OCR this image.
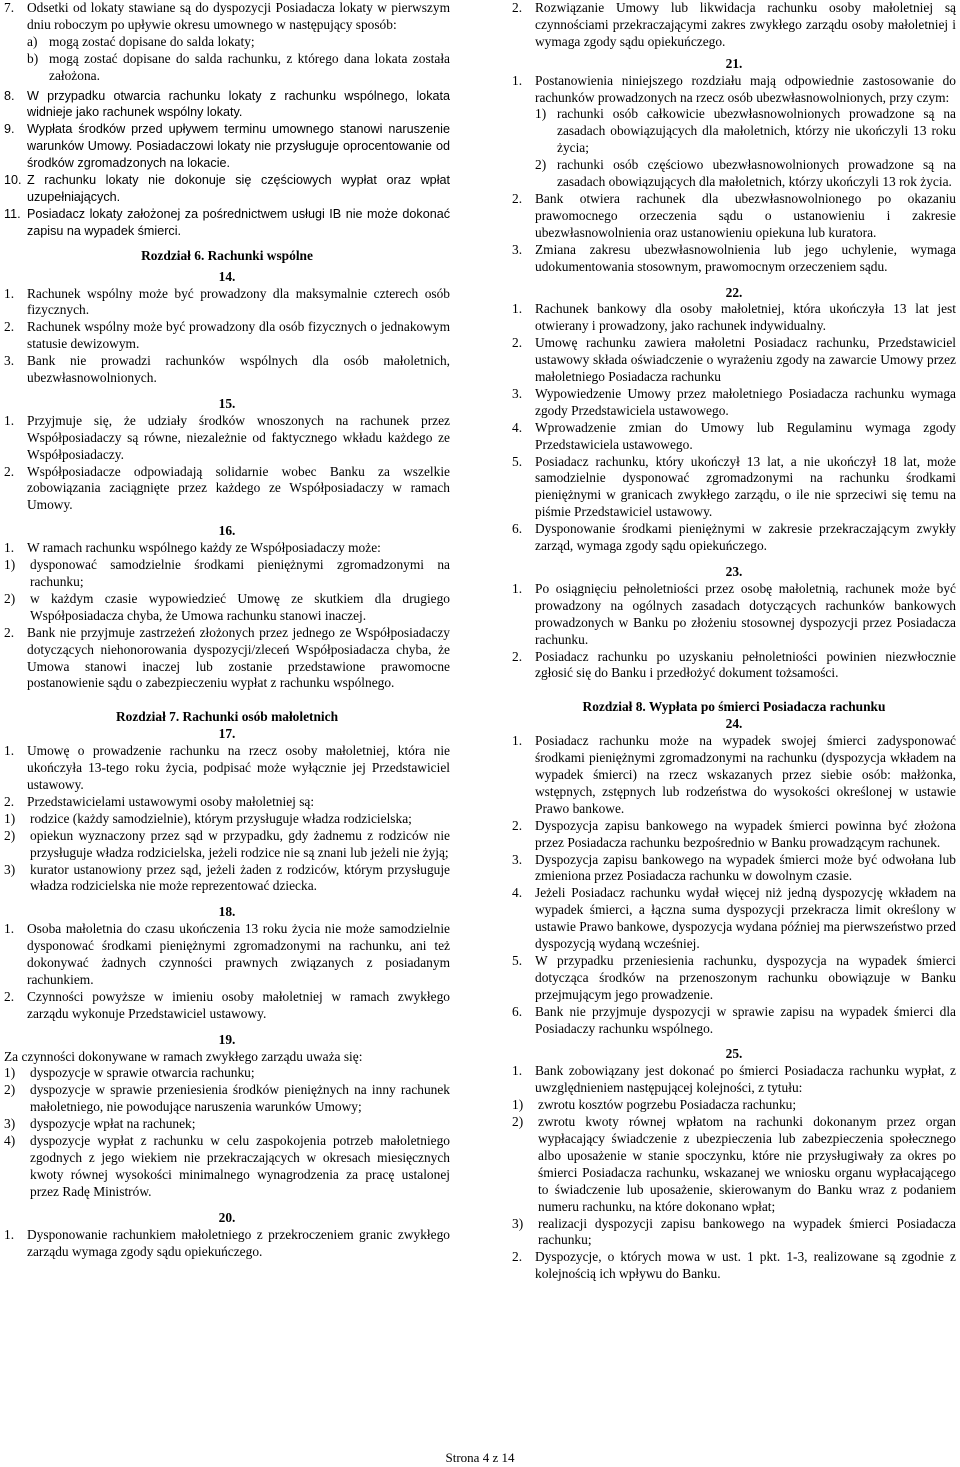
7. Odsetki od lokaty stawiane są do dyspozycji Posiadacza lokaty w pierwszym dniu roboczym po upływie okresu umownego w następujący sposób:
a) mogą zostać dopisane do salda lokaty;
b) mogą zostać dopisane do salda rachunku, z którego dana lokata została założona.
8. W przypadku otwarcia rachunku lokaty z rachunku wspólnego, lokata widnieje jako rachunek wspólny lokaty.
9. Wypłata środków przed upływem terminu umownego stanowi naruszenie warunków Umowy. Posiadaczowi lokaty nie przysługuje oprocentowanie od środków zgromadzonych na lokacie.
10. Z rachunku lokaty nie dokonuje się częściowych wypłat oraz wpłat uzupełniających.
11. Posiadacz lokaty założonej za pośrednictwem usługi IB nie może dokonać zapisu na wypadek śmierci.

Rozdział 6. Rachunki wspólne

14.

1. Rachunek wspólny może być prowadzony dla maksymalnie czterech osób fizycznych.
2. Rachunek wspólny może być prowadzony dla osób fizycznych o jednakowym statusie dewizowym.
3. Bank nie prowadzi rachunków wspólnych dla osób małoletnich, ubezwłasnowolnionych.

15.

1. Przyjmuje się, że udziały środków wnoszonych na rachunek przez Współposiadaczy są równe, niezależnie od faktycznego wkładu każdego ze Współposiadaczy.
2. Współposiadacze odpowiadają solidarnie wobec Banku za wszelkie zobowiązania zaciągnięte przez każdego ze Współposiadaczy w ramach Umowy.

16.

1. W ramach rachunku wspólnego każdy ze Współposiadaczy może:
1) dysponować samodzielnie środkami pieniężnymi zgromadzonymi na rachunku;
2) w każdym czasie wypowiedzieć Umowę ze skutkiem dla drugiego Współposiadacza chyba, że Umowa rachunku stanowi inaczej.
2. Bank nie przyjmuje zastrzeżeń złożonych przez jednego ze Współposiadaczy dotyczących niehonorowania dyspozycji/zleceń Współposiadacza chyba, że Umowa stanowi inaczej lub zostanie przedstawione prawomocne postanowienie sądu o zabezpieczeniu wypłat z rachunku wspólnego.

Rozdział 7. Rachunki osób małoletnich

17.

1. Umowę o prowadzenie rachunku na rzecz osoby małoletniej, która nie ukończyła 13-tego roku życia, podpisać może wyłącznie jej Przedstawiciel ustawowy.
2. Przedstawicielami ustawowymi osoby małoletniej są:
1) rodzice (każdy samodzielnie), którym przysługuje władza rodzicielska;
2) opiekun wyznaczony przez sąd w przypadku, gdy żadnemu z rodziców nie przysługuje władza rodzicielska, jeżeli rodzice nie są znani lub jeżeli nie żyją;
3) kurator ustanowiony przez sąd, jeżeli żaden z rodziców, którym przysługuje władza rodzicielska nie może reprezentować dziecka.

18.

1. Osoba małoletnia do czasu ukończenia 13 roku życia nie może samodzielnie dysponować środkami pieniężnymi zgromadzonymi na rachunku, ani też dokonywać żadnych czynności prawnych związanych z posiadanym rachunkiem.
2. Czynności powyższe w imieniu osoby małoletniej w ramach zwykłego zarządu wykonuje Przedstawiciel ustawowy.

19.

Za czynności dokonywane w ramach zwykłego zarządu uważa się:

1) dyspozycje w sprawie otwarcia rachunku;
2) dyspozycje w sprawie przeniesienia środków pieniężnych na inny rachunek małoletniego, nie powodujące naruszenia warunków Umowy;
3) dyspozycje wpłat na rachunek;
4) dyspozycje wypłat z rachunku w celu zaspokojenia potrzeb małoletniego zgodnych z jego wiekiem nie przekraczających w okresach miesięcznych kwoty równej wysokości minimalnego wynagrodzenia za pracę ustalonej przez Radę Ministrów.

20.

1. Dysponowanie rachunkiem małoletniego z przekroczeniem granic zwykłego zarządu wymaga zgody sądu opiekuńczego.
2. Rozwiązanie Umowy lub likwidacja rachunku osoby małoletniej są czynnościami przekraczającymi zakres zwykłego zarządu osoby małoletniej i wymaga zgody sądu opiekuńczego.

21.

1. Postanowienia niniejszego rozdziału mają odpowiednie zastosowanie do rachunków prowadzonych na rzecz osób ubezwłasnowolnionych, przy czym:
1) rachunki osób całkowicie ubezwłasnowolnionych prowadzone są na zasadach obowiązujących dla małoletnich, którzy nie ukończyli 13 roku życia;
2) rachunki osób częściowo ubezwłasnowolnionych prowadzone są na zasadach obowiązujących dla małoletnich, którzy ukończyli 13 rok życia.
2. Bank otwiera rachunek dla ubezwłasnowolnionego po okazaniu prawomocnego orzeczenia sądu o ustanowieniu i zakresie ubezwłasnowolnienia oraz ustanowieniu opiekuna lub kuratora.
3. Zmiana zakresu ubezwłasnowolnienia lub jego uchylenie, wymaga udokumentowania stosownym, prawomocnym orzeczeniem sądu.

22.

1. Rachunek bankowy dla osoby małoletniej, która ukończyła 13 lat jest otwierany i prowadzony, jako rachunek indywidualny.
2. Umowę rachunku zawiera małoletni Posiadacz rachunku, Przedstawiciel ustawowy składa oświadczenie o wyrażeniu zgody na zawarcie Umowy przez małoletniego Posiadacza rachunku
3. Wypowiedzenie Umowy przez małoletniego Posiadacza rachunku wymaga zgody Przedstawiciela ustawowego.
4. Wprowadzenie zmian do Umowy lub Regulaminu wymaga zgody Przedstawiciela ustawowego.
5. Posiadacz rachunku, który ukończył 13 lat, a nie ukończył 18 lat, może samodzielnie dysponować zgromadzonymi na rachunku środkami pieniężnymi w granicach zwykłego zarządu, o ile nie sprzeciwi się temu na piśmie Przedstawiciel ustawowy.
6. Dysponowanie środkami pieniężnymi w zakresie przekraczającym zwykły zarząd, wymaga zgody sądu opiekuńczego.

23.

1. Po osiągnięciu pełnoletniości przez osobę małoletnią, rachunek może być prowadzony na ogólnych zasadach dotyczących rachunków bankowych prowadzonych w Banku po złożeniu stosownej dyspozycji przez Posiadacza rachunku.
2. Posiadacz rachunku po uzyskaniu pełnoletniości powinien niezwłocznie zgłosić się do Banku i przedłożyć dokument tożsamości.

Rozdział 8. Wypłata po śmierci Posiadacza rachunku

24.

1. Posiadacz rachunku może na wypadek swojej śmierci zadysponować środkami pieniężnymi zgromadzonymi na rachunku (dyspozycja wkładem na wypadek śmierci) na rzecz wskazanych przez siebie osób: małżonka, wstępnych, zstępnych lub rodzeństwa do wysokości określonej w ustawie Prawo bankowe.
2. Dyspozycja zapisu bankowego na wypadek śmierci powinna być złożona przez Posiadacza rachunku bezpośrednio w Banku prowadzącym rachunek.
3. Dyspozycja zapisu bankowego na wypadek śmierci może być odwołana lub zmieniona przez Posiadacza rachunku w dowolnym czasie.
4. Jeżeli Posiadacz rachunku wydał więcej niż jedną dyspozycję wkładem na wypadek śmierci, a łączna suma dyspozycji przekracza limit określony w ustawie Prawo bankowe, dyspozycja wydana później ma pierwszeństwo przed dyspozycją wydaną wcześniej.
5. W przypadku przeniesienia rachunku, dyspozycja na wypadek śmierci dotycząca środków na przenoszonym rachunku obowiązuje w Banku przejmującym jego prowadzenie.
6. Bank nie przyjmuje dyspozycji w sprawie zapisu na wypadek śmierci dla Posiadaczy rachunku wspólnego.

25.

1. Bank zobowiązany jest dokonać po śmierci Posiadacza rachunku wypłat, z uwzględnieniem następującej kolejności, z tytułu:
1) zwrotu kosztów pogrzebu Posiadacza rachunku;
2) zwrotu kwoty równej wpłatom na rachunki dokonanym przez organ wypłacający świadczenie z ubezpieczenia lub zabezpieczenia społecznego albo uposażenie w stanie spoczynku, które nie przysługiwały za okres po śmierci Posiadacza rachunku, wskazanej we wniosku organu wypłacającego to świadczenie lub uposażenie, skierowanym do Banku wraz z podaniem numeru rachunku, na które dokonano wpłat;
3) realizacji dyspozycji zapisu bankowego na wypadek śmierci Posiadacza rachunku;
2. Dyspozycje, o których mowa w ust. 1 pkt. 1-3, realizowane są zgodnie z kolejnością ich wpływu do Banku.
Strona 4 z 14
